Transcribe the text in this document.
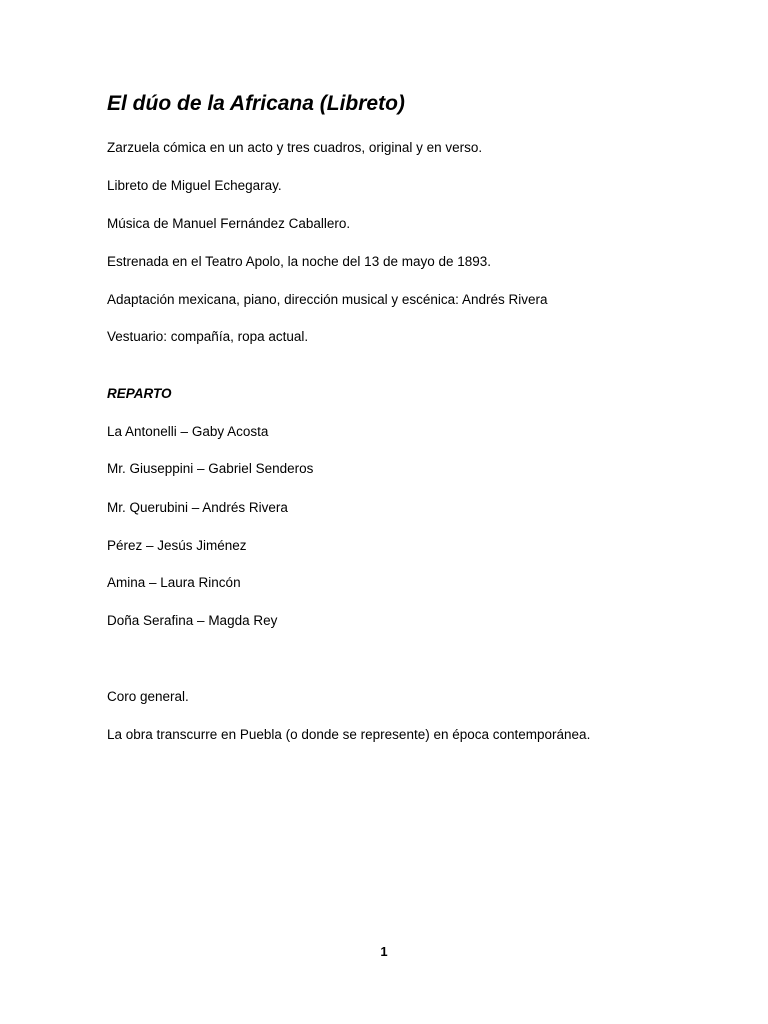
El dúo de la Africana (Libreto)

Zarzuela cómica en un acto y tres cuadros, original y en verso.

Libreto de Miguel Echegaray.

Música de Manuel Fernández Caballero.

Estrenada en el Teatro Apolo, la noche del 13 de mayo de 1893.

Adaptación mexicana, piano, dirección musical y escénica: Andrés Rivera

Vestuario: compañía, ropa actual.

REPARTO

La Antonelli – Gaby Acosta

Mr. Giuseppini – Gabriel Senderos

Mr. Querubini – Andrés Rivera

Pérez – Jesús Jiménez

Amina – Laura Rincón

Doña Serafina – Magda Rey

Coro general.

La obra transcurre en Puebla (o donde se represente) en época contemporánea.

1
